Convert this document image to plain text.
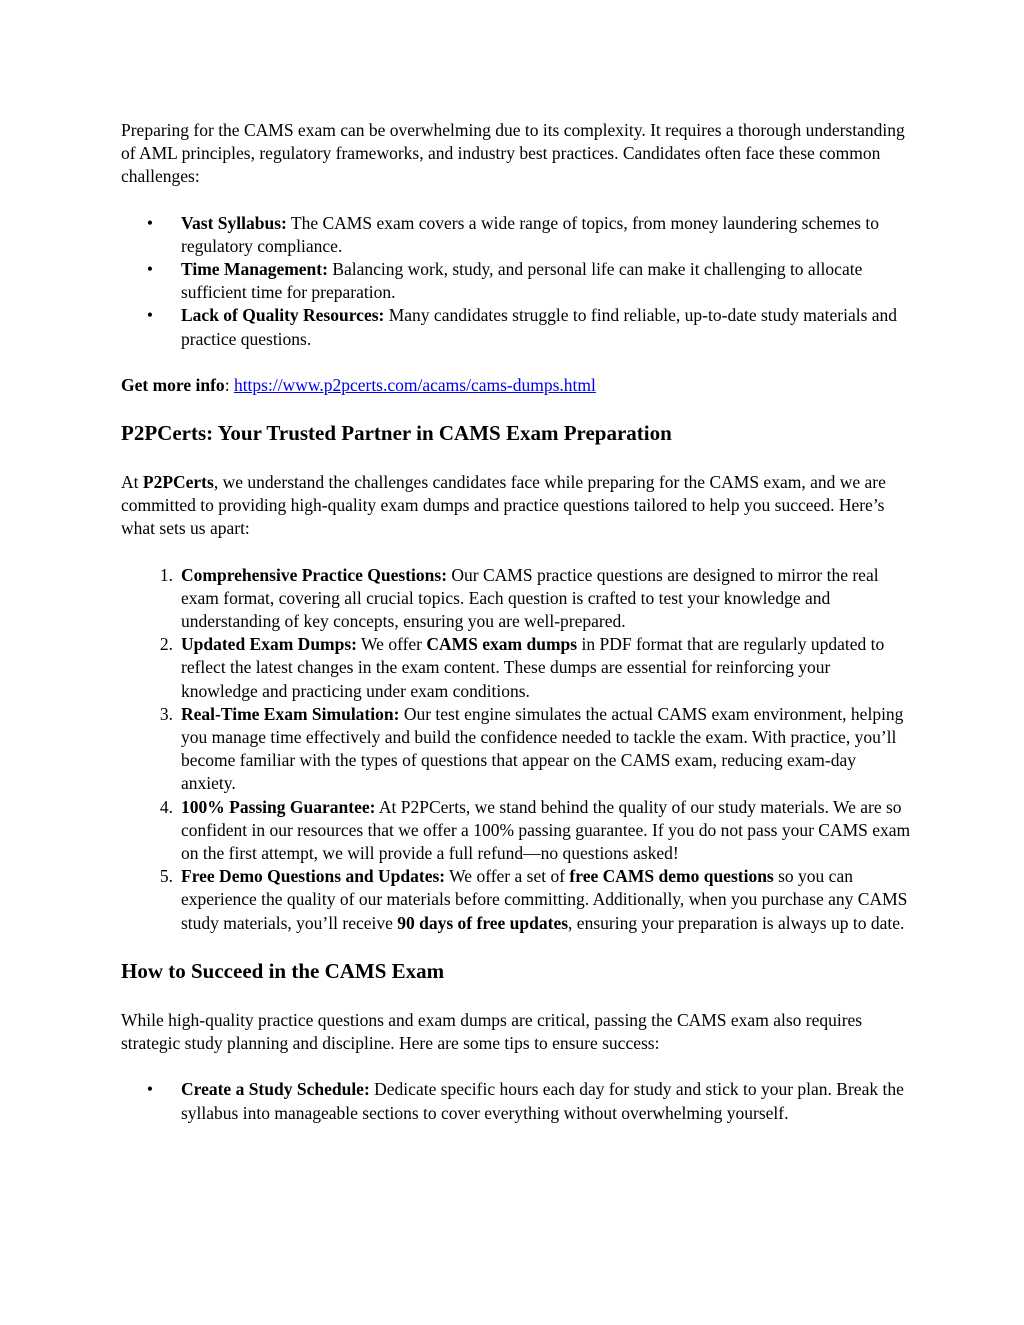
Preparing for the CAMS exam can be overwhelming due to its complexity. It requires a thorough understanding of AML principles, regulatory frameworks, and industry best practices. Candidates often face these common challenges:

• Vast Syllabus: The CAMS exam covers a wide range of topics, from money laundering schemes to regulatory compliance.
• Time Management: Balancing work, study, and personal life can make it challenging to allocate sufficient time for preparation.
• Lack of Quality Resources: Many candidates struggle to find reliable, up-to-date study materials and practice questions.

Get more info: https://www.p2pcerts.com/acams/cams-dumps.html

P2PCerts: Your Trusted Partner in CAMS Exam Preparation

At P2PCerts, we understand the challenges candidates face while preparing for the CAMS exam, and we are committed to providing high-quality exam dumps and practice questions tailored to help you succeed. Here’s what sets us apart:

1. Comprehensive Practice Questions: Our CAMS practice questions are designed to mirror the real exam format, covering all crucial topics. Each question is crafted to test your knowledge and understanding of key concepts, ensuring you are well-prepared.
2. Updated Exam Dumps: We offer CAMS exam dumps in PDF format that are regularly updated to reflect the latest changes in the exam content. These dumps are essential for reinforcing your knowledge and practicing under exam conditions.
3. Real-Time Exam Simulation: Our test engine simulates the actual CAMS exam environment, helping you manage time effectively and build the confidence needed to tackle the exam. With practice, you’ll become familiar with the types of questions that appear on the CAMS exam, reducing exam-day anxiety.
4. 100% Passing Guarantee: At P2PCerts, we stand behind the quality of our study materials. We are so confident in our resources that we offer a 100% passing guarantee. If you do not pass your CAMS exam on the first attempt, we will provide a full refund—no questions asked!
5. Free Demo Questions and Updates: We offer a set of free CAMS demo questions so you can experience the quality of our materials before committing. Additionally, when you purchase any CAMS study materials, you’ll receive 90 days of free updates, ensuring your preparation is always up to date.
How to Succeed in the CAMS Exam

While high-quality practice questions and exam dumps are critical, passing the CAMS exam also requires strategic study planning and discipline. Here are some tips to ensure success:

• Create a Study Schedule: Dedicate specific hours each day for study and stick to your plan. Break the syllabus into manageable sections to cover everything without overwhelming yourself.
